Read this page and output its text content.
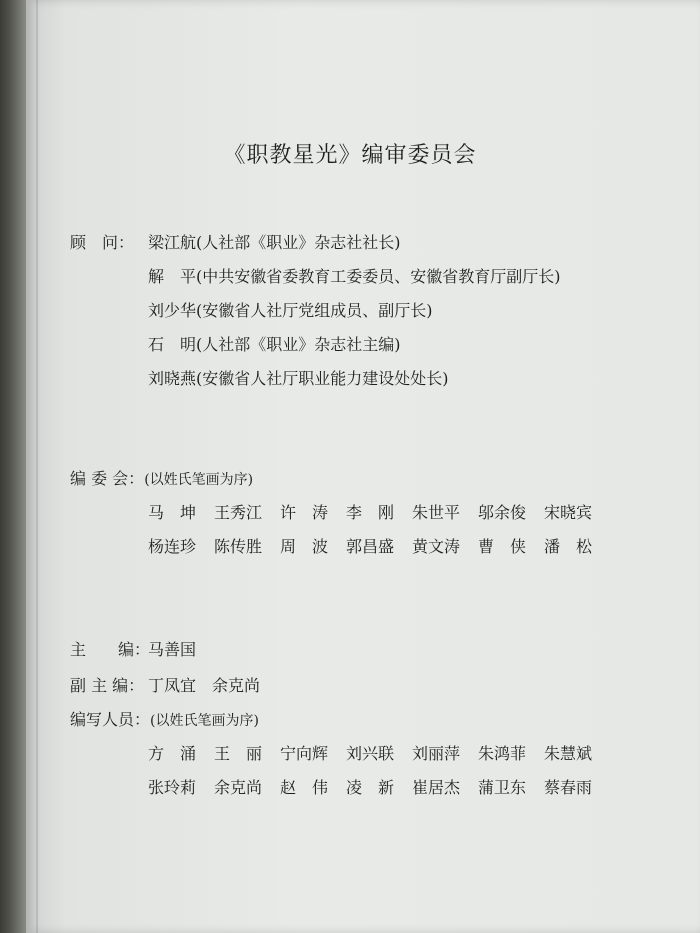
《职教星光》编审委员会
顾　问： 梁江航(人社部《职业》杂志社社长)
解　平(中共安徽省委教育工委委员、安徽省教育厅副厅长)
刘少华(安徽省人社厅党组成员、副厅长)
石　明(人社部《职业》杂志社主编)
刘晓燕(安徽省人社厅职业能力建设处处长)
编 委 会：(以姓氏笔画为序)
马　坤 王秀江 许　涛 李　刚 朱世平 邬余俊 宋晓宾
杨连珍 陈传胜 周　波 郭昌盛 黄文涛 曹　侠 潘　松
主　　编：
马善国
副 主 编： 丁凤宜　余克尚
编写人员：(以姓氏笔画为序)
方　涌 王　丽 宁向辉 刘兴联 刘丽萍 朱鸿菲 朱慧斌
张玲莉 余克尚 赵　伟 凌　新 崔居杰 蒲卫东 蔡春雨
